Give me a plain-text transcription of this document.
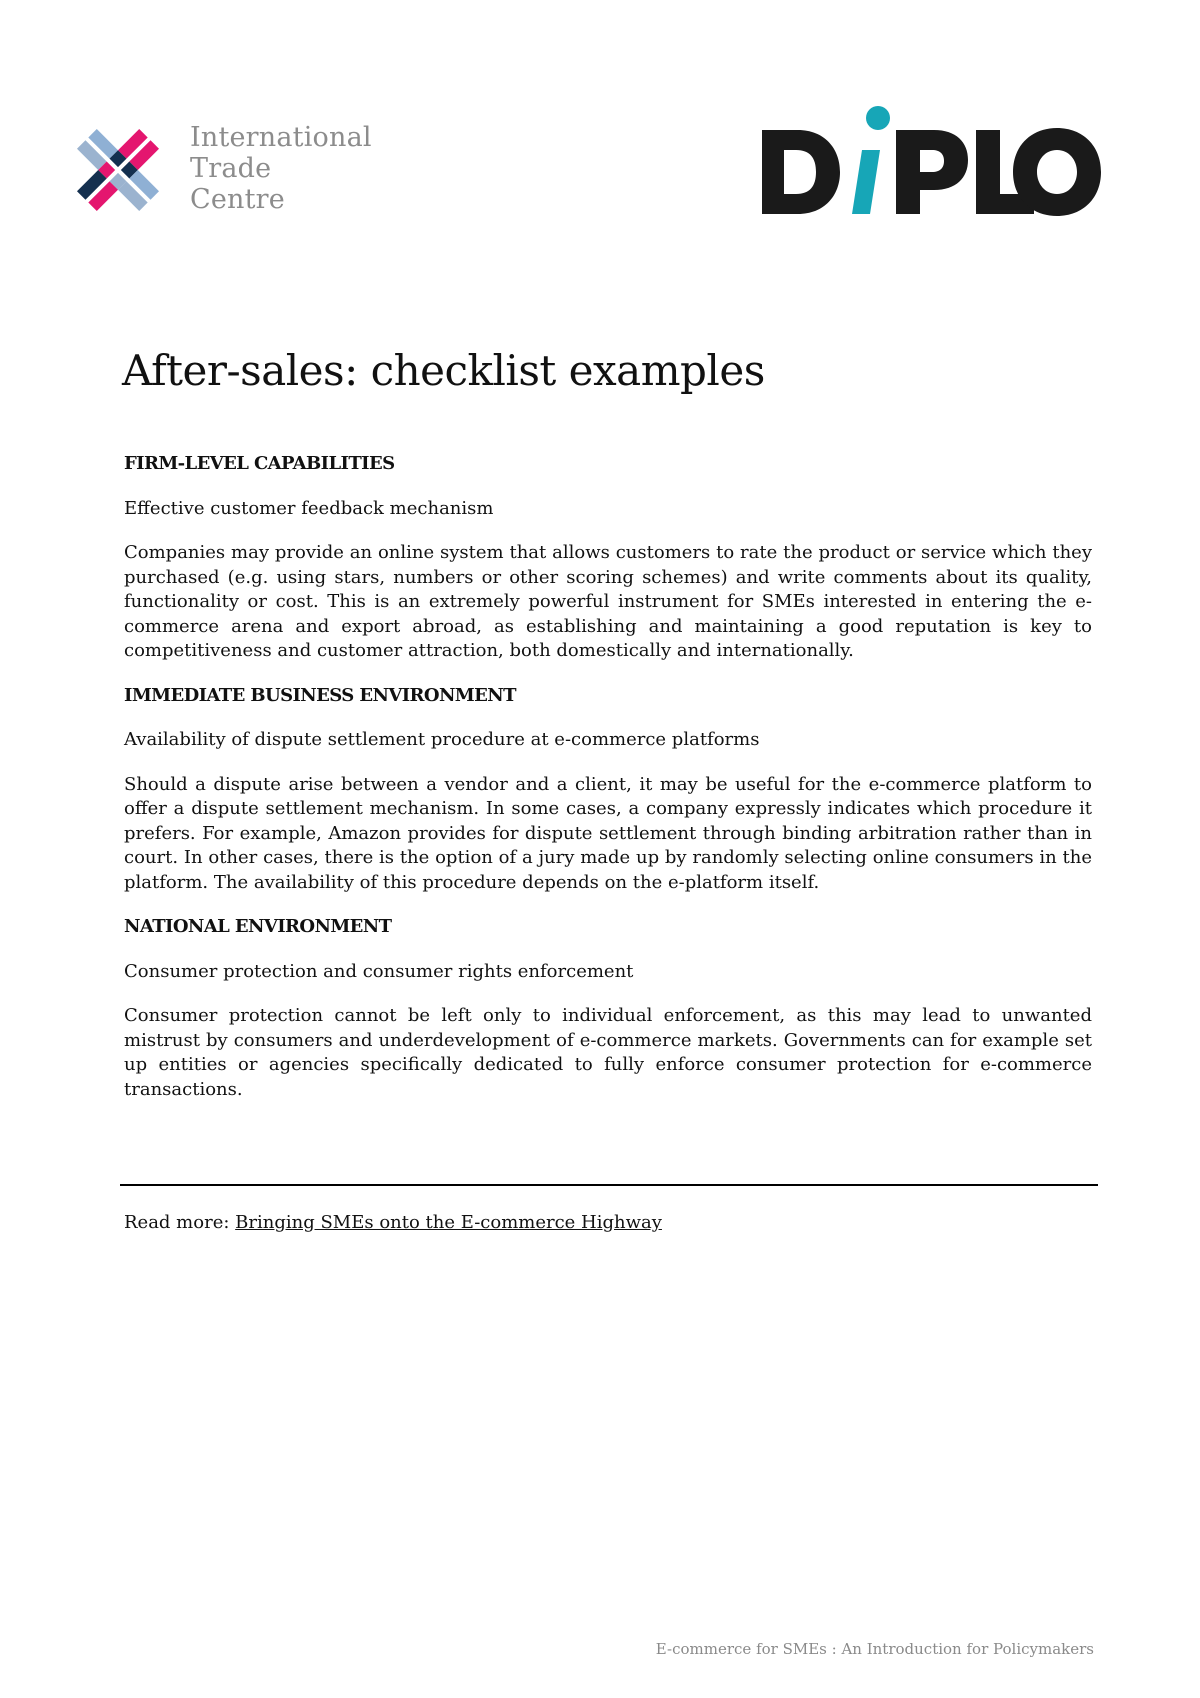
International
Trade
Centre
After-sales: checklist examples

FIRM-LEVEL CAPABILITIES

Effective customer feedback mechanism

Companies may provide an online system that allows customers to rate the product or service which they purchased (e.g. using stars, numbers or other scoring schemes) and write comments about its quality, functionality or cost. This is an extremely powerful instrument for SMEs interested in entering the e-commerce arena and export abroad, as establishing and maintaining a good reputation is key to competitiveness and customer attraction, both domestically and internationally.

IMMEDIATE BUSINESS ENVIRONMENT

Availability of dispute settlement procedure at e-commerce platforms

Should a dispute arise between a vendor and a client, it may be useful for the e-commerce platform to offer a dispute settlement mechanism. In some cases, a company expressly indicates which procedure it prefers. For example, Amazon provides for dispute settlement through binding arbitration rather than in court. In other cases, there is the option of a jury made up by randomly selecting online consumers in the platform. The availability of this procedure depends on the e-platform itself.

NATIONAL ENVIRONMENT

Consumer protection and consumer rights enforcement

Consumer protection cannot be left only to individual enforcement, as this may lead to unwanted mistrust by consumers and underdevelopment of e-commerce markets. Governments can for example set up entities or agencies specifically dedicated to fully enforce consumer protection for e-commerce transactions.

Read more: Bringing SMEs onto the E-commerce Highway
E-commerce for SMEs : An Introduction for Policymakers
